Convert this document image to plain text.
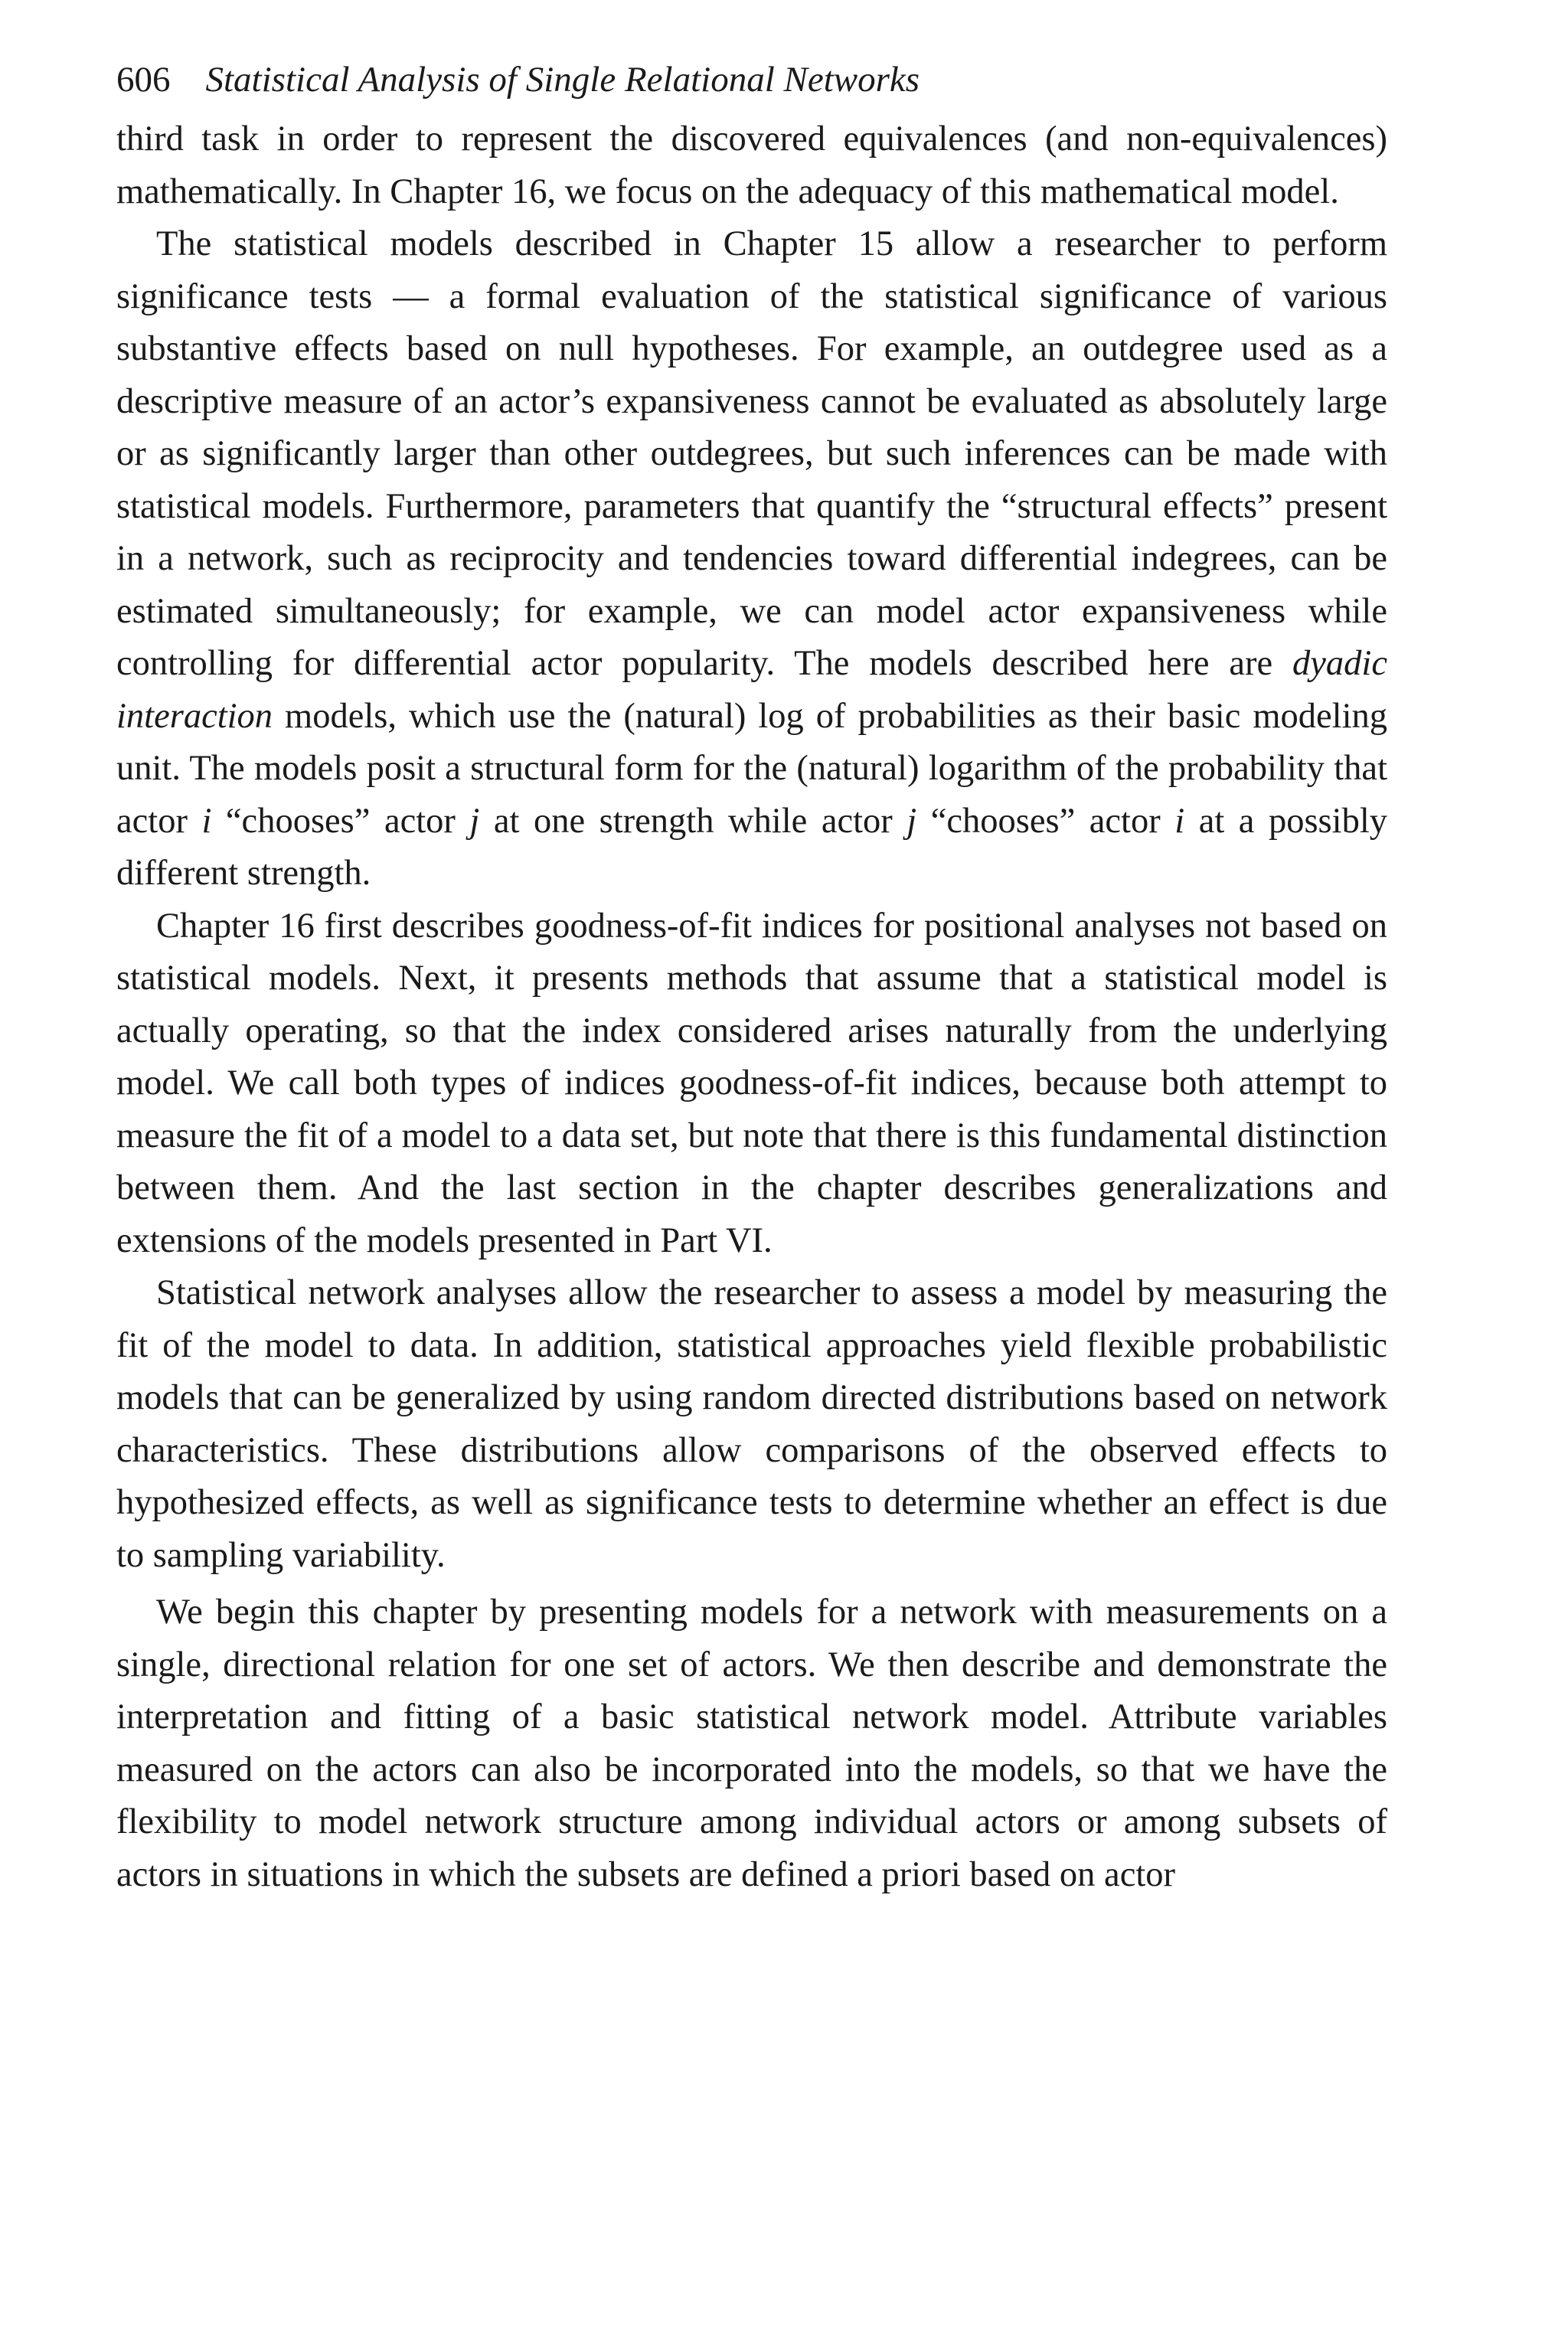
606 Statistical Analysis of Single Relational Networks

third task in order to represent the discovered equivalences (and non-equivalences) mathematically. In Chapter 16, we focus on the adequacy of this mathematical model.

The statistical models described in Chapter 15 allow a researcher to perform significance tests — a formal evaluation of the statistical significance of various substantive effects based on null hypotheses. For example, an outdegree used as a descriptive measure of an actor’s expansiveness cannot be evaluated as absolutely large or as significantly larger than other outdegrees, but such inferences can be made with statistical models. Furthermore, parameters that quantify the “structural effects” present in a network, such as reciprocity and tendencies toward differential indegrees, can be estimated simultaneously; for example, we can model actor expansiveness while controlling for differential actor popularity. The models described here are dyadic interaction models, which use the (natural) log of probabilities as their basic modeling unit. The models posit a structural form for the (natural) logarithm of the probability that actor i “chooses” actor j at one strength while actor j “chooses” actor i at a possibly different strength.

Chapter 16 first describes goodness-of-fit indices for positional analyses not based on statistical models. Next, it presents methods that assume that a statistical model is actually operating, so that the index considered arises naturally from the underlying model. We call both types of indices goodness-of-fit indices, because both attempt to measure the fit of a model to a data set, but note that there is this fundamental distinction between them. And the last section in the chapter describes generalizations and extensions of the models presented in Part VI.

Statistical network analyses allow the researcher to assess a model by measuring the fit of the model to data. In addition, statistical approaches yield flexible probabilistic models that can be generalized by using random directed distributions based on network characteristics. These distributions allow comparisons of the observed effects to hypothesized effects, as well as significance tests to determine whether an effect is due to sampling variability.

We begin this chapter by presenting models for a network with measurements on a single, directional relation for one set of actors. We then describe and demonstrate the interpretation and fitting of a basic statistical network model. Attribute variables measured on the actors can also be incorporated into the models, so that we have the flexibility to model network structure among individual actors or among subsets of actors in situations in which the subsets are defined a priori based on actor
